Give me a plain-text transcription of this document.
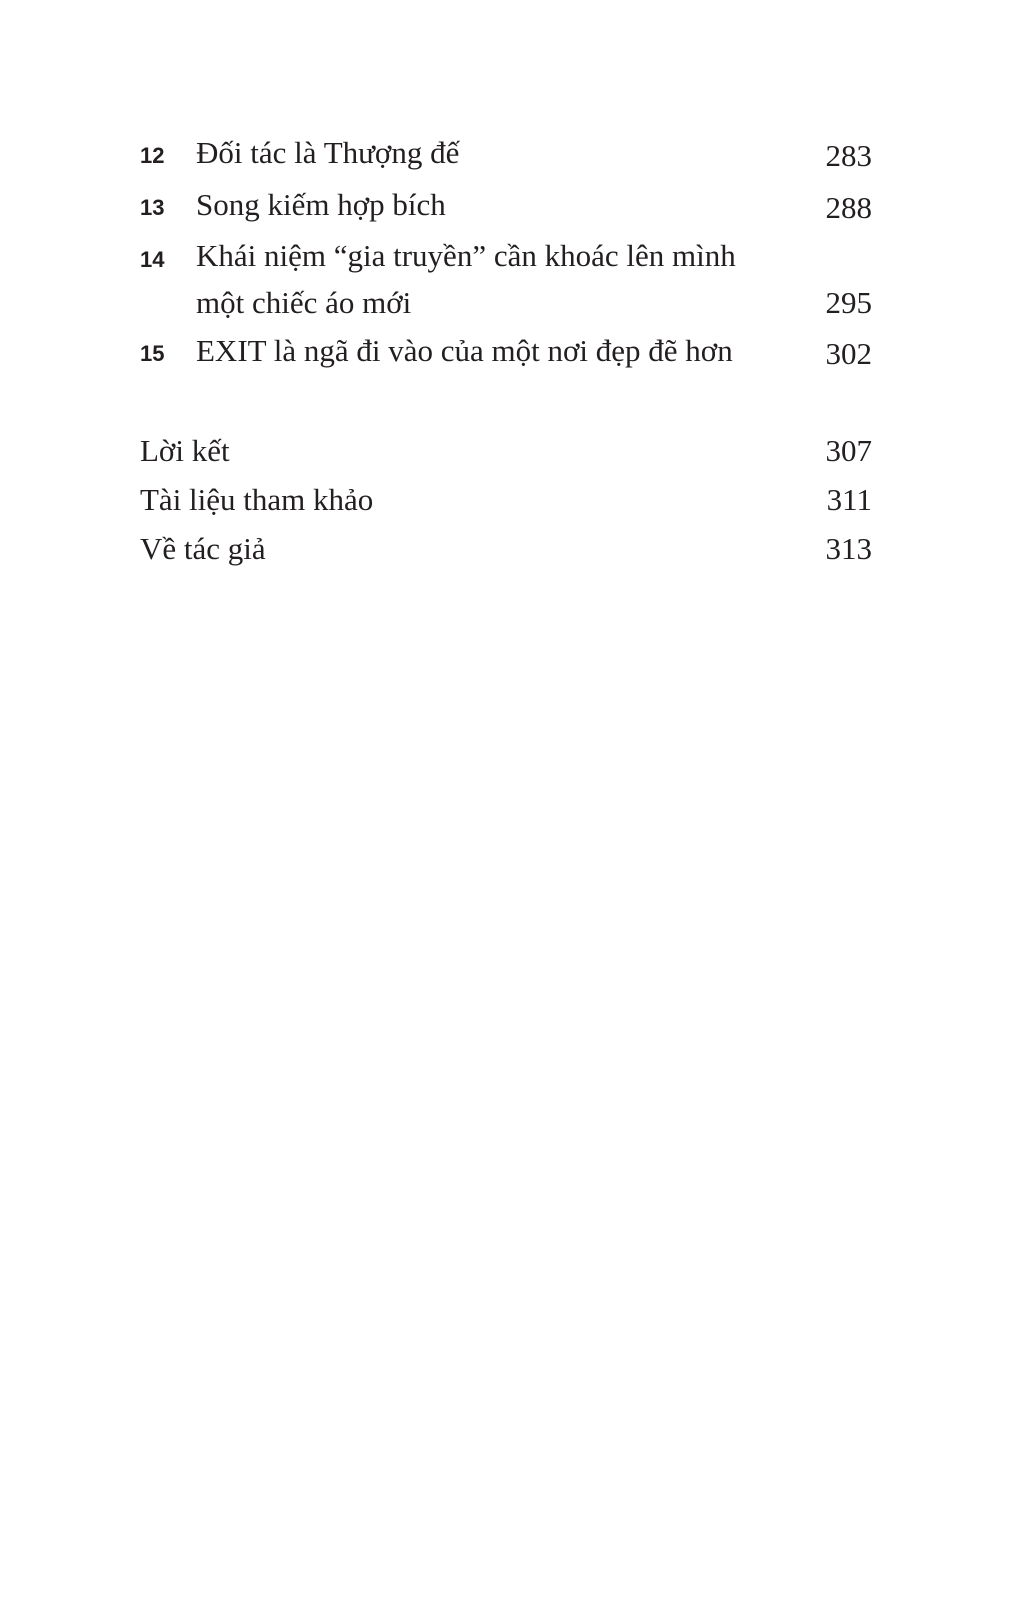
12	Đối tác là Thượng đế	283
13	Song kiếm hợp bích	288
14	Khái niệm “gia truyền” cần khoác lên mình một chiếc áo mới	295
15	EXIT là ngã đi vào của một nơi đẹp đẽ hơn	302
Lời kết	307
Tài liệu tham khảo	311
Về tác giả	313
